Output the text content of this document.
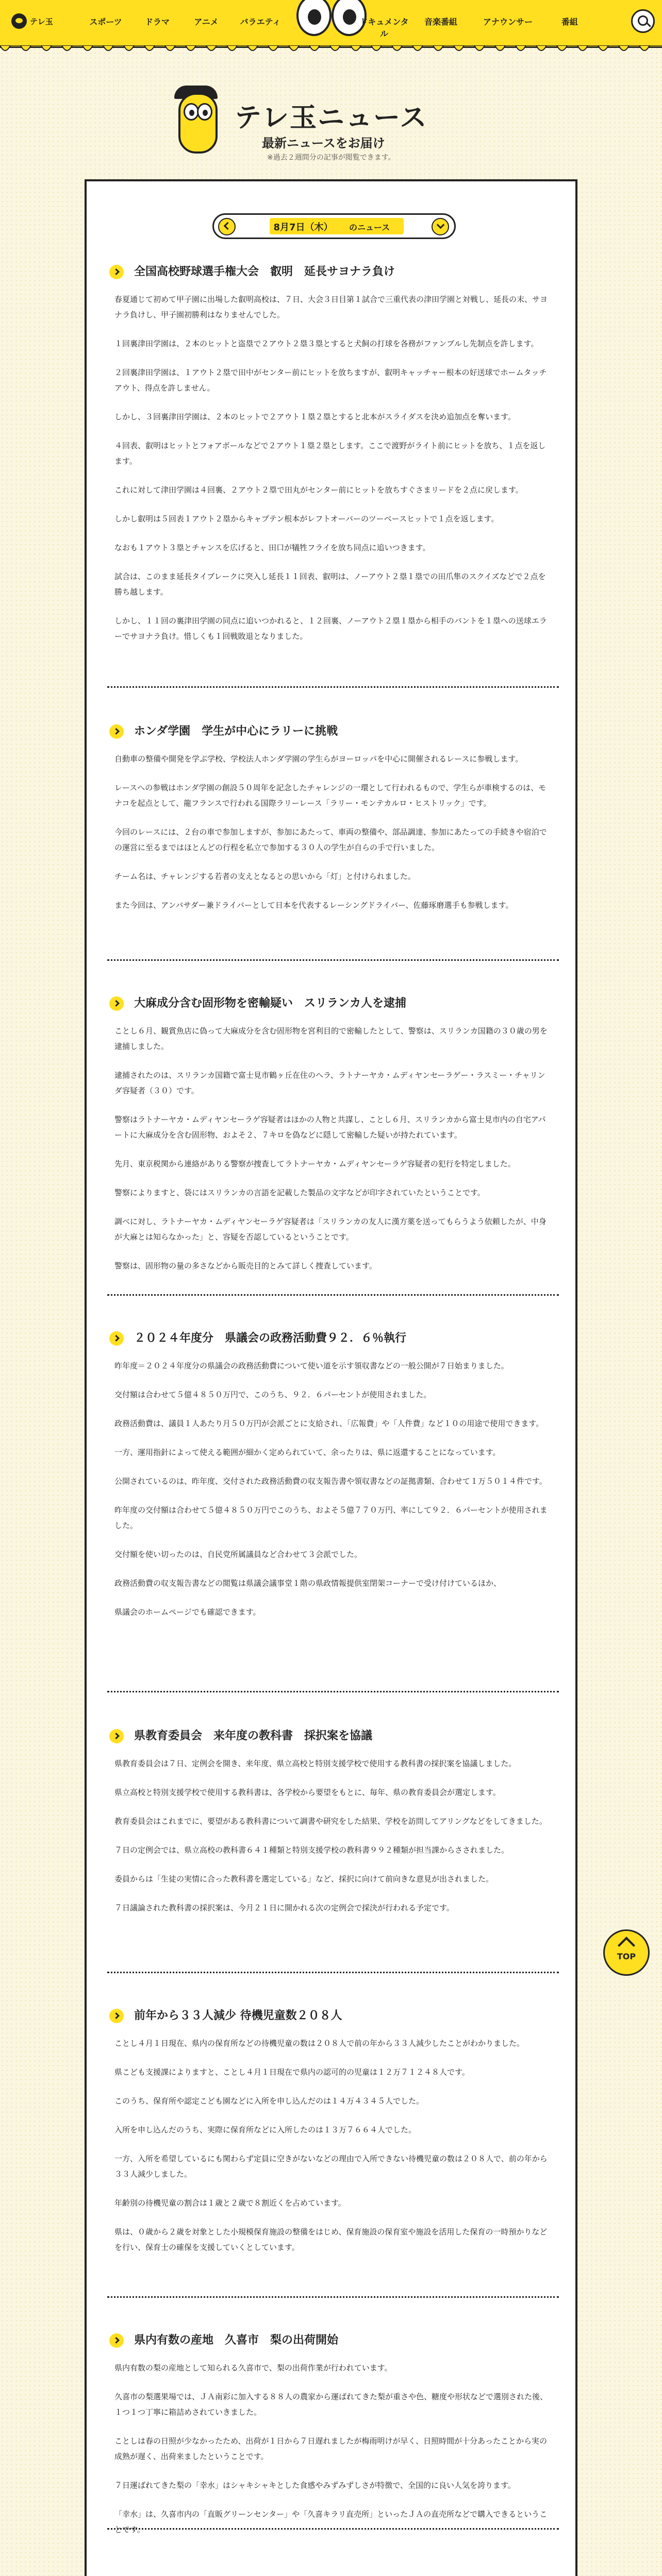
テレ玉	スポーツ	ドラマ	アニメ	バラエティ	ドキュメンタル
音楽番組	アナウンサー	番組
テレ玉ニュース

最新ニュースをお届け

※過去２週間分の記事が閲覧できます。

8月7日（木）	のニュース
全国高校野球選手権大会　叡明　延長サヨナラ負け

春夏通じて初めて甲子園に出場した叡明高校は、７日、大会３日目第１試合で三重代表の津田学園と対戦し、延長の末、サヨナラ負けし、甲子園初勝利はなりませんでした。

１回裏津田学園は、２本のヒットと盗塁で２アウト２塁３塁とすると犬飼の打球を各務がファンブルし先制点を許します。

２回裏津田学園は、１アウト２塁で田中がセンター前にヒットを放ちますが、叡明キャッチャー根本の好送球でホームタッチアウト、得点を許しません。

しかし、３回裏津田学園は、２本のヒットで２アウト１塁２塁とすると北本がスライダスを決め追加点を奪います。

４回表、叡明はヒットとフォアボールなどで２アウト１塁２塁とします。ここで渡野がライト前にヒットを放ち、１点を返します。

これに対して津田学園は４回裏、２アウト２塁で田丸がセンター前にヒットを放ちすぐさまリードを２点に戻します。

しかし叡明は５回表１アウト２塁からキャプテン根本がレフトオーバーのツーベースヒットで１点を返します。

なおも１アウト３塁とチャンスを広げると、田口が犠牲フライを放ち同点に追いつきます。

試合は、このまま延長タイブレークに突入し延長１１回表、叡明は、ノーアウト２塁１塁での田爪隼のスクイズなどで２点を勝ち越します。

しかし、１１回の裏津田学園の同点に追いつかれると、１２回裏、ノーアウト２塁１塁から相手のバントを１塁への送球エラーでサヨナラ負け。惜しくも１回戦敗退となりました。

ホンダ学園　学生が中心にラリーに挑戦

自動車の整備や開発を学ぶ学校、学校法人ホンダ学園の学生らがヨーロッパを中心に開催されるレースに参戦します。

レースへの参戦はホンダ学園の創設５０周年を記念したチャレンジの一環として行われるもので、学生らが車検するのは、モナコを起点として、龍フランスで行われる国際ラリーレース「ラリー・モンテカルロ・ヒストリック」です。

今回のレースには、２台の車で参加しますが、参加にあたって、車両の整備や、部品調達、参加にあたっての手続きや宿泊での運営に至るまではほとんどの行程を私立で参加する３０人の学生が自らの手で行いました。

チーム名は、チャレンジする若者の支えとなるとの思いから「灯」と付けられました。

また今回は、アンバサダー兼ドライバーとして日本を代表するレーシングドライバー、佐藤琢磨選手も参戦します。

大麻成分含む固形物を密輸疑い　スリランカ人を逮捕

ことし６月、観賞魚店に偽って大麻成分を含む固形物を宮利目的で密輸したとして、警察は、スリランカ国籍の３０歳の男を逮捕しました。

逮捕されたのは、スリランカ国籍で富士見市鶴ヶ丘在住のヘラ、ラトナーヤカ・ムディヤンセーラゲー・ラスミー・チャリンダ容疑者（３０）です。

警察はラトナーヤカ・ムディヤンセーラゲ容疑者はほかの人物と共謀し、ことし６月、スリランカから富士見市内の自宅アパートに大麻成分を含む固形物、およそ２、７キロを偽などに隠して密輸した疑いが持たれています。

先月、東京税関から連絡がありる警察が捜査してラトナーヤカ・ムディヤンセーラゲ容疑者の犯行を特定しました。

警察によりますと、袋にはスリランカの言語を記載した製品の文字などが印字されていたということです。

調べに対し、ラトナーヤカ・ムディヤンセーラゲ容疑者は「スリランカの友人に漢方薬を送ってもらうよう依頼したが、中身が大麻とは知らなかった」と、容疑を否認しているということです。

警察は、固形物の量の多さなどから販売目的とみて詳しく捜査しています。

２０２４年度分　県議会の政務活動費９２．６％執行

昨年度＝２０２４年度分の県議会の政務活動費について使い道を示す領収書などの一般公開が７日始まりました。

交付額は合わせて５億４８５０万円で、このうち、９２．６パーセントが使用されました。

政務活動費は、議員１人あたり月５０万円が会派ごとに支給され、「広報費」や「人件費」など１０の用途で使用できます。

一方、運用指針によって使える範囲が細かく定められていて、余ったりは、県に返還することになっています。

公開されているのは、昨年度、交付された政務活動費の収支報告書や領収書などの証拠書類、合わせて１万５０１４件です。

昨年度の交付額は合わせて５億４８５０万円でこのうち、およそ５億７７０万円、率にして９２．６パーセントが使用されました。

交付額を使い切ったのは、自民党所属議員など合わせて３会派でした。

政務活動費の収支報告書などの閲覧は県議会議事堂１階の県政情報提供室閉架コーナーで受け付けているほか、

県議会のホームページでも確認できます。

県教育委員会　来年度の教科書　採択案を協議

県教育委員会は７日、定例会を開き、来年度、県立高校と特別支援学校で使用する教科書の採択案を協議しました。

県立高校と特別支援学校で使用する教科書は、各学校から要望をもとに、毎年、県の教育委員会が選定します。

教育委員会はこれまでに、要望がある教科書について調書や研究をした結果、学校を訪問してアリングなどをしてきました。

７日の定例会では、県立高校の教科書６４１種類と特別支援学校の教科書９９２種類が担当課からさされました。

委員からは「生徒の実情に合った教科書を選定している」など、採択に向けて前向きな意見が出されました。

７日議論された教科書の採択案は、今月２１日に開かれる次の定例会で採決が行われる予定です。

前年から３３人減少 待機児童数２０８人

ことし４月１日現在、県内の保育所などの待機児童の数は２０８人で前の年から３３人減少したことがわかりました。

県こども支援課によりますと、ことし４月１日現在で県内の認可的の児童は１２万７１２４８人です。

このうち、保育所や認定こども園などに入所を申し込んだのは１４万４３４５人でした。

入所を申し込んだのうち、実際に保育所などに入所したのは１３万７６６４人でした。

一方、入所を希望しているにも関わらず定員に空きがないなどの理由で入所できない待機児童の数は２０８人で、前の年から３３人減少しました。

年齢別の待機児童の割合は１歳と２歳で８割近くを占めています。

県は、０歳から２歳を対象とした小規模保育施設の整備をはじめ、保育施設の保育室や施設を活用した保育の一時預かりなどを行い、保育士の確保を支援していくとしています。

県内有数の産地　久喜市　梨の出荷開始

県内有数の梨の産地として知られる久喜市で、梨の出荷作業が行われています。

久喜市の梨選果場では、ＪＡ南彩に加入する８８人の農家から運ばれてきた梨が重さや色、糖度や形状などで選別された後、１つ１つ丁寧に箱詰めされていきました。

ことしは春の日照が少なかったため、出荷が１日から７日遅れましたが梅雨明けが早く、日照時間が十分あったことから実の成熟が遅く、出荷来ましたということです。

７日運ばれてきた梨の「幸水」はシャキシャキとした食感やみずみずしさが特徴で、全国的に良い人気を誇ります。

「幸水」は、久喜市内の「直販グリーンセンター」や「久喜キラリ直売所」といったＪＡの直売所などで購入できるということです。

TOP
